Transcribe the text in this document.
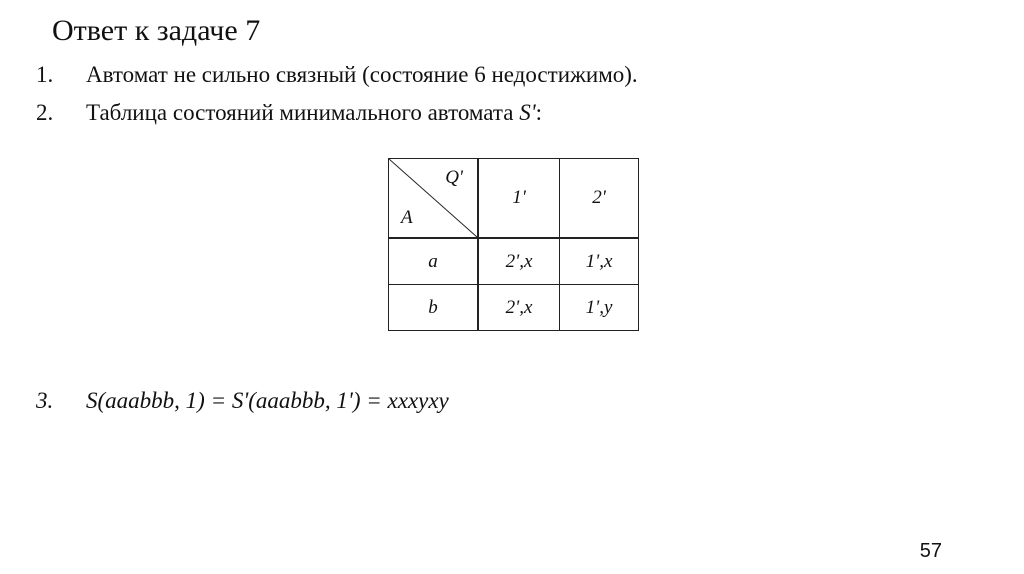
Ответ к задаче 7
1. Автомат не сильно связный (состояние 6 недостижимо).
2. Таблица состояний минимального автомата S':
Q'
A	1'	2'
a	2',x	1',x
b	2',x	1',y
3. S(aaabbb, 1) = S'(aaabbb, 1') = xxxyxy
57
